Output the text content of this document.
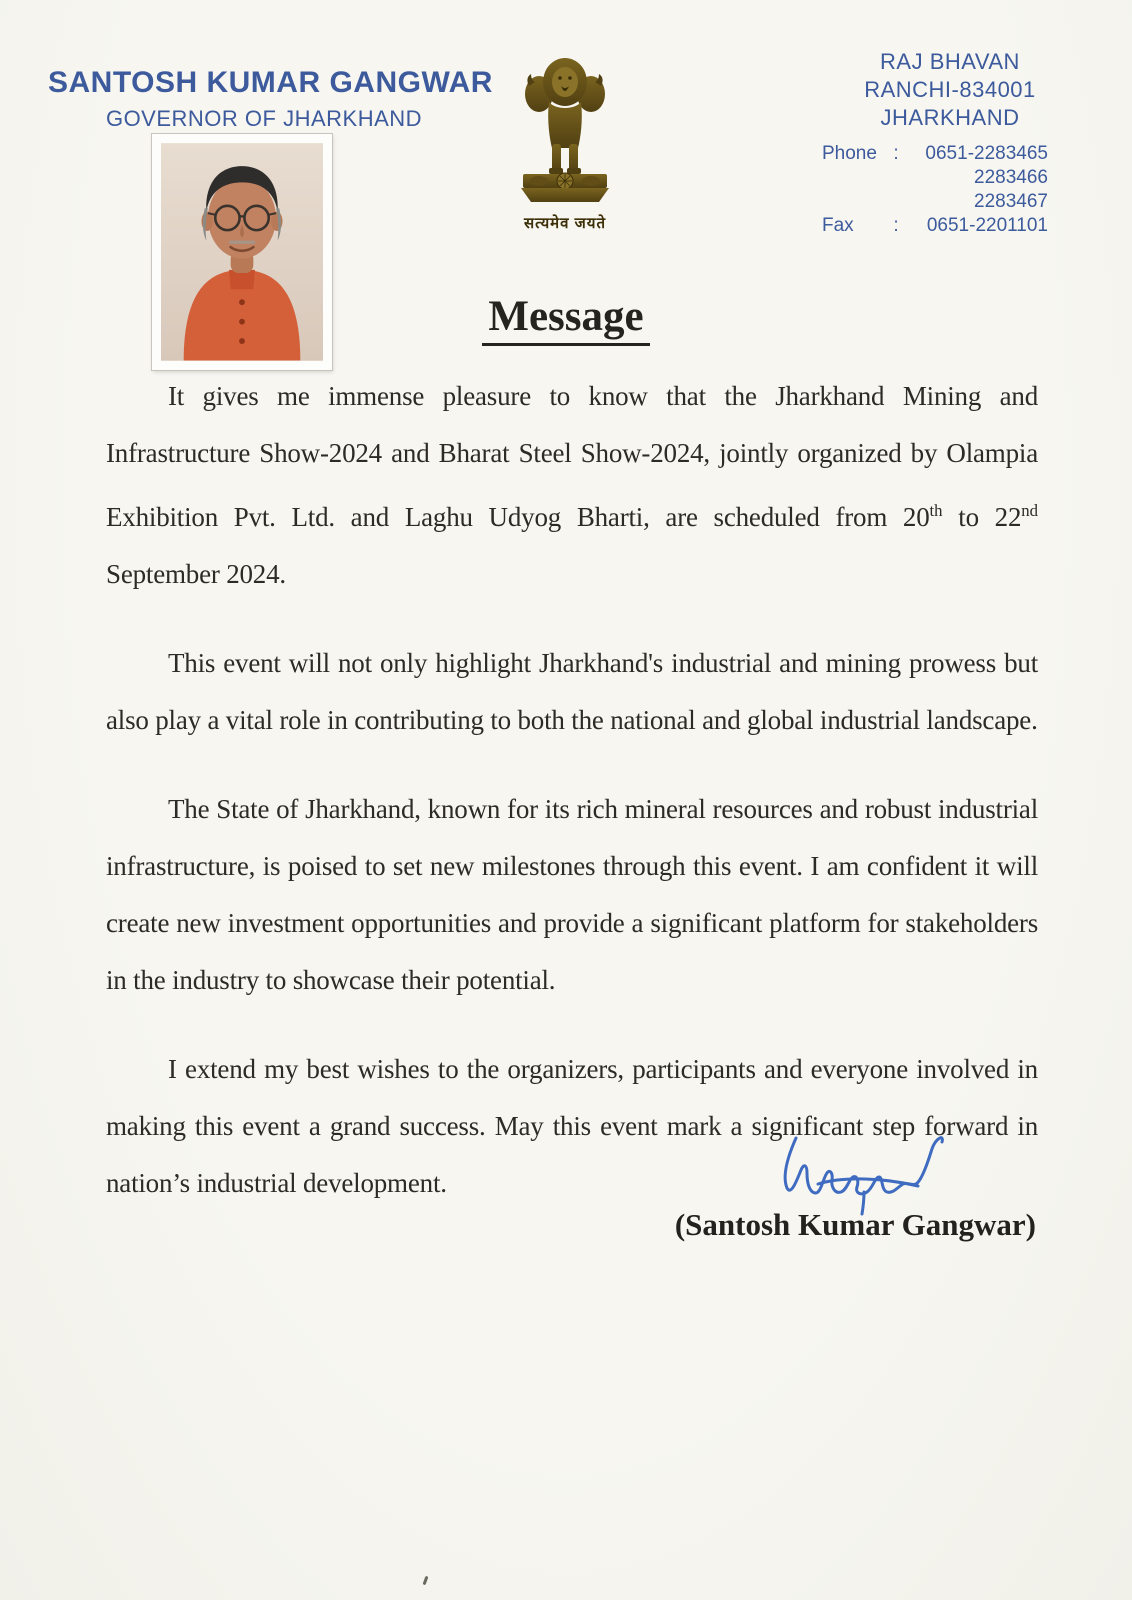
SANTOSH KUMAR GANGWAR
GOVERNOR OF JHARKHAND
सत्यमेव जयते
RAJ BHAVAN
RANCHI-834001
JHARKHAND
Phone :	0651-2283465
2283466
2283467
Fax	:	0651-2201101
Message

It gives me immense pleasure to know that the Jharkhand Mining and Infrastructure Show-2024 and Bharat Steel Show-2024, jointly organized by Olampia Exhibition Pvt. Ltd. and Laghu Udyog Bharti, are scheduled from 20th to 22nd September 2024.

This event will not only highlight Jharkhand's industrial and mining prowess but also play a vital role in contributing to both the national and global industrial landscape.

The State of Jharkhand, known for its rich mineral resources and robust industrial infrastructure, is poised to set new milestones through this event. I am confident it will create new investment opportunities and provide a significant platform for stakeholders in the industry to showcase their potential.

I extend my best wishes to the organizers, participants and everyone involved in making this event a grand success. May this event mark a significant step forward in nation’s industrial development.

(Santosh Kumar Gangwar)
